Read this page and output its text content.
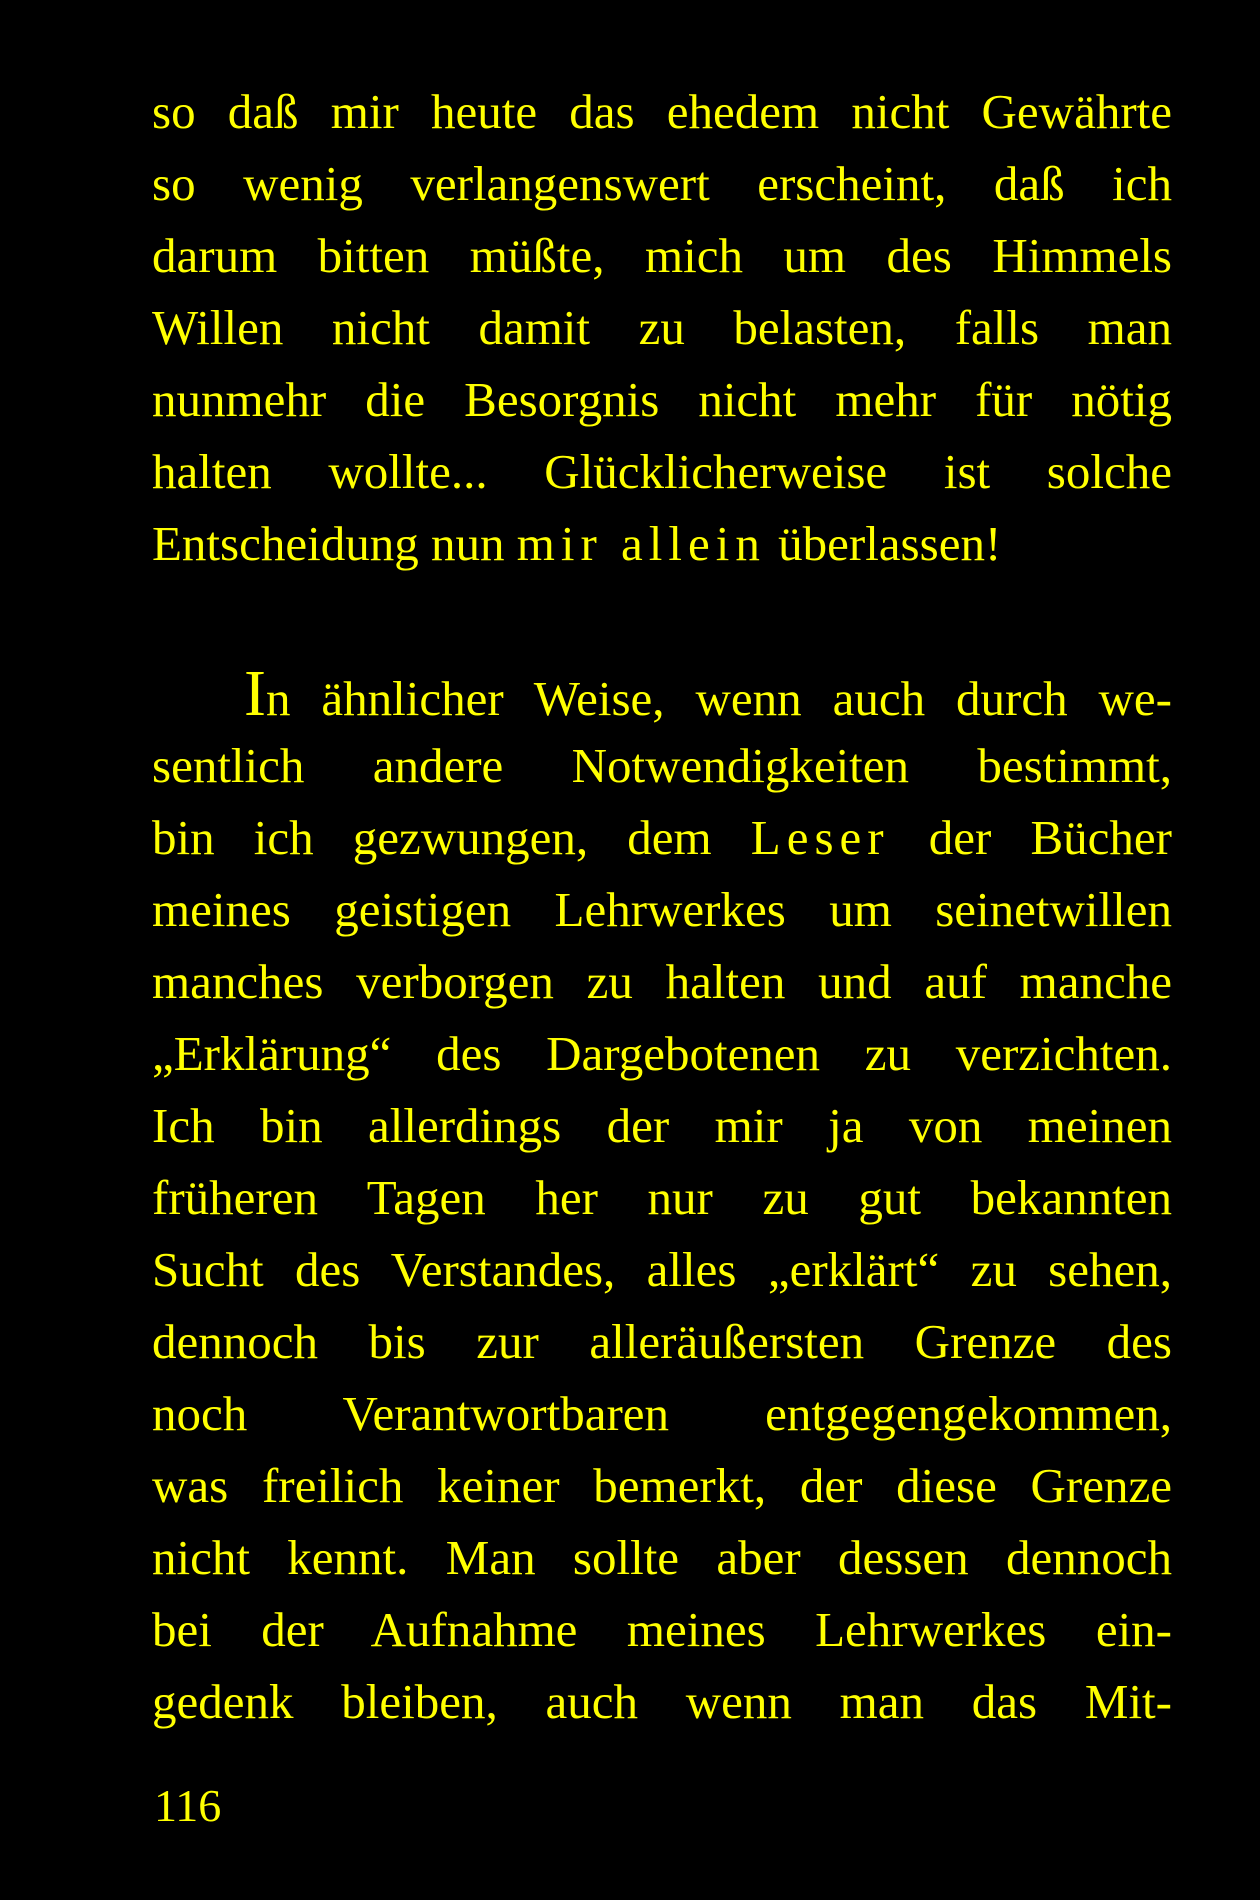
so daß mir heute das ehedem nicht Gewährte
so wenig verlangenswert erscheint, daß ich
darum bitten müßte, mich um des Himmels
Willen nicht damit zu belasten, falls man
nunmehr die Besorgnis nicht mehr für nötig
halten wollte... Glücklicherweise ist solche
Entscheidung nun mir allein überlassen!
In ähnlicher Weise, wenn auch durch we-
sentlich andere Notwendigkeiten bestimmt,
bin ich gezwungen, dem Leser der Bücher
meines geistigen Lehrwerkes um seinetwillen
manches verborgen zu halten und auf manche
„Erklärung“ des Dargebotenen zu verzichten.
Ich bin allerdings der mir ja von meinen
früheren Tagen her nur zu gut bekannten
Sucht des Verstandes, alles „erklärt“ zu sehen,
dennoch bis zur alleräußersten Grenze des
noch Verantwortbaren entgegengekommen,
was freilich keiner bemerkt, der diese Grenze
nicht kennt. Man sollte aber dessen dennoch
bei der Aufnahme meines Lehrwerkes ein-
gedenk bleiben, auch wenn man das Mit-
116
